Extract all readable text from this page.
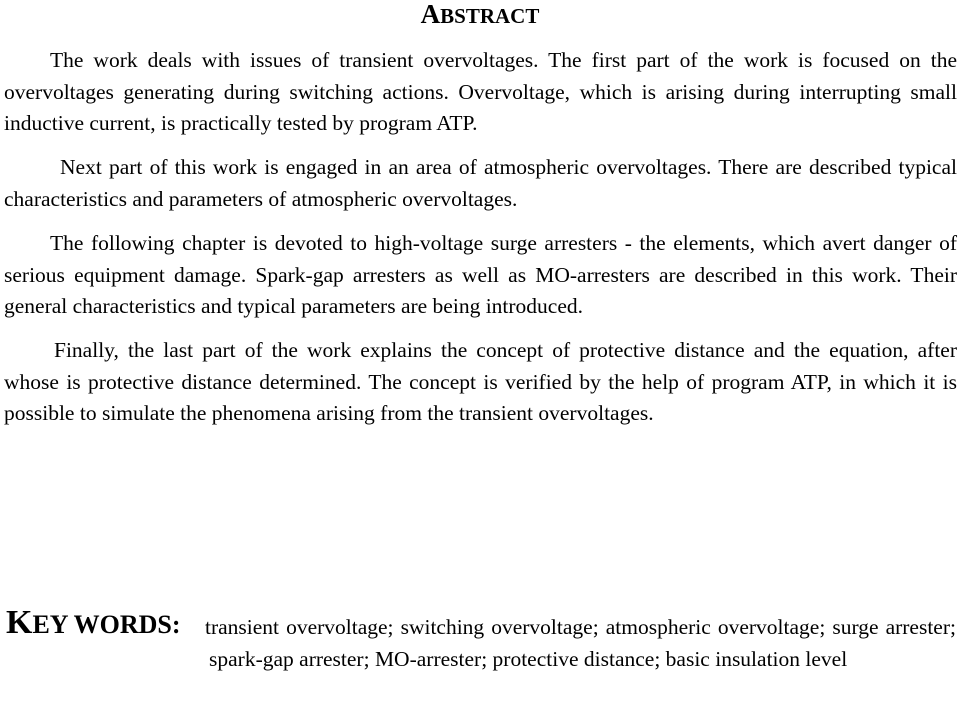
ABSTRACT

The work deals with issues of transient overvoltages. The first part of the work is focused on the overvoltages generating during switching actions. Overvoltage, which is arising during interrupting small inductive current, is practically tested by program ATP.

Next part of this work is engaged in an area of atmospheric overvoltages. There are described typical characteristics and parameters of atmospheric overvoltages.

The following chapter is devoted to high-voltage surge arresters - the elements, which avert danger of serious equipment damage. Spark-gap arresters as well as MO-arresters are described in this work. Their general characteristics and typical parameters are being introduced.

Finally, the last part of the work explains the concept of protective distance and the equation, after whose is protective distance determined. The concept is verified by the help of program ATP, in which it is possible to simulate the phenomena arising from the transient overvoltages.

KEY WORDS: transient overvoltage; switching overvoltage; atmospheric overvoltage; surge arrester; spark-gap arrester; MO-arrester; protective distance; basic insulation level
